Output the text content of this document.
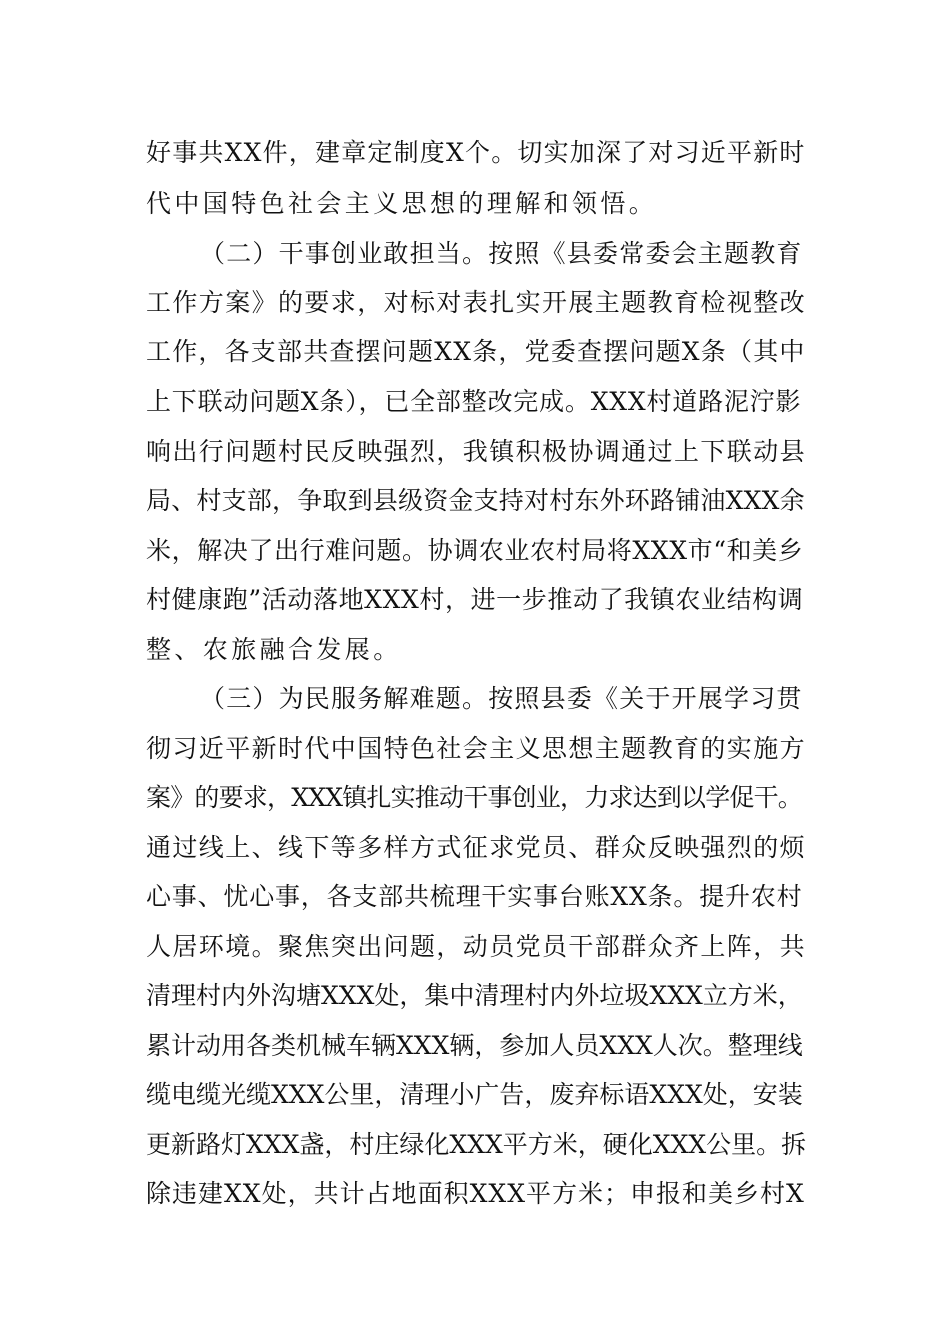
好事共XX件，建章定制度X个。切实加深了对习近平新时
代中国特色社会主义思想的理解和领悟。
（二）干事创业敢担当。按照《县委常委会主题教育
工作方案》的要求，对标对表扎实开展主题教育检视整改
工作，各支部共查摆问题XX条，党委查摆问题X条（其中
上下联动问题X条），已全部整改完成。XXX村道路泥泞影
响出行问题村民反映强烈，我镇积极协调通过上下联动县
局、村支部，争取到县级资金支持对村东外环路铺油XXX余
米，解决了出行难问题。协调农业农村局将XXX市“和美乡
村健康跑”活动落地XXX村，进一步推动了我镇农业结构调
整、农旅融合发展。
（三）为民服务解难题。按照县委《关于开展学习贯
彻习近平新时代中国特色社会主义思想主题教育的实施方
案》的要求，XXX镇扎实推动干事创业，力求达到以学促干。
通过线上、线下等多样方式征求党员、群众反映强烈的烦
心事、忧心事，各支部共梳理干实事台账XX条。提升农村
人居环境。聚焦突出问题，动员党员干部群众齐上阵，共
清理村内外沟塘XXX处，集中清理村内外垃圾XXX立方米，
累计动用各类机械车辆XXX辆，参加人员XXX人次。整理线
缆电缆光缆XXX公里，清理小广告，废弃标语XXX处，安装
更新路灯XXX盏，村庄绿化XXX平方米，硬化XXX公里。拆
除违建XX处，共计占地面积XXX平方米；申报和美乡村X
